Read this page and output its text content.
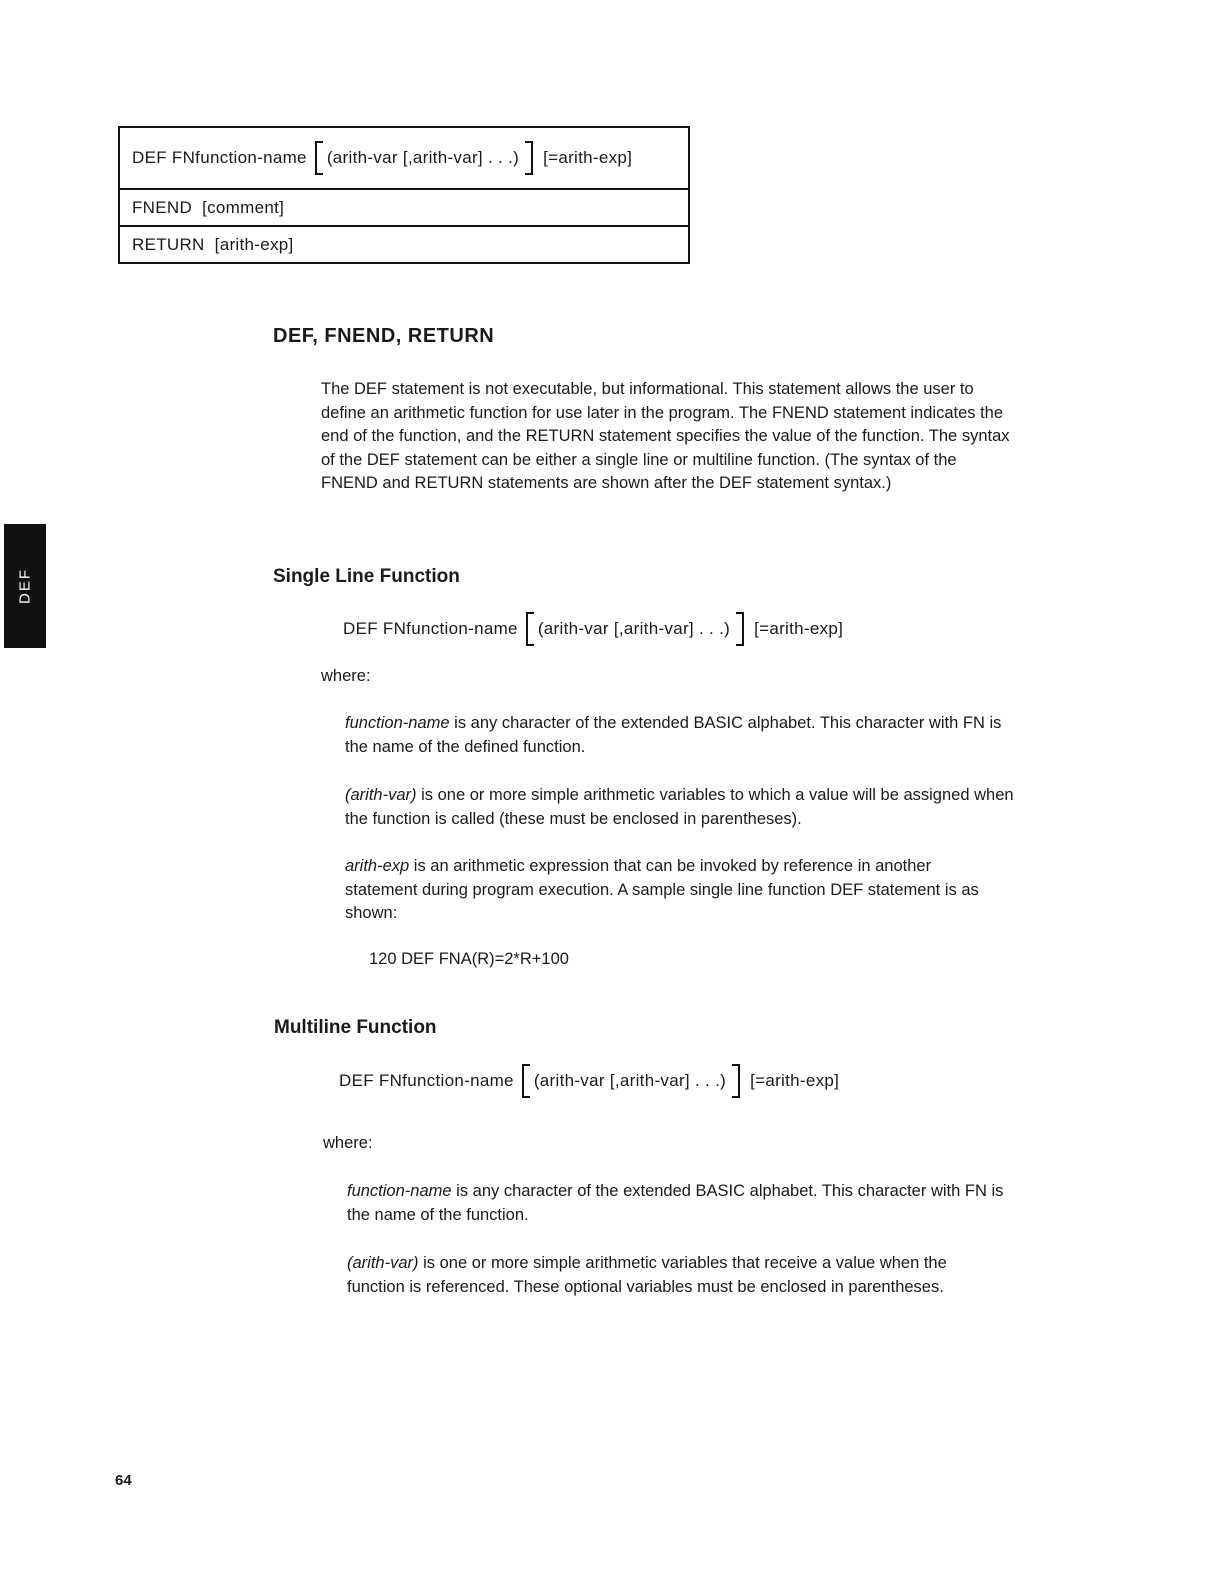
DEF FNfunction-name (arith-var [,arith-var] . . .) [=arith-exp]
FNEND  [comment]
RETURN  [arith-exp]
DEF
DEF, FNEND, RETURN
The DEF statement is not executable, but informational. This statement allows the user to define an arithmetic function for use later in the program. The FNEND statement indicates the end of the function, and the RETURN statement specifies the value of the function. The syntax of the DEF statement can be either a single line or multiline function. (The syntax of the FNEND and RETURN statements are shown after the DEF statement syntax.)
Single Line Function
DEF FNfunction-name (arith-var [,arith-var] . . .) [=arith-exp]
where:
function-name is any character of the extended BASIC alphabet. This character with FN is the name of the defined function.
(arith-var) is one or more simple arithmetic variables to which a value will be assigned when the function is called (these must be enclosed in parentheses).
arith-exp is an arithmetic expression that can be invoked by reference in another statement during program execution. A sample single line function DEF statement is as shown:
120 DEF FNA(R)=2*R+100
Multiline Function
DEF FNfunction-name (arith-var [,arith-var] . . .) [=arith-exp]
where:
function-name is any character of the extended BASIC alphabet. This character with FN is the name of the function.
(arith-var) is one or more simple arithmetic variables that receive a value when the function is referenced. These optional variables must be enclosed in parentheses.
64
